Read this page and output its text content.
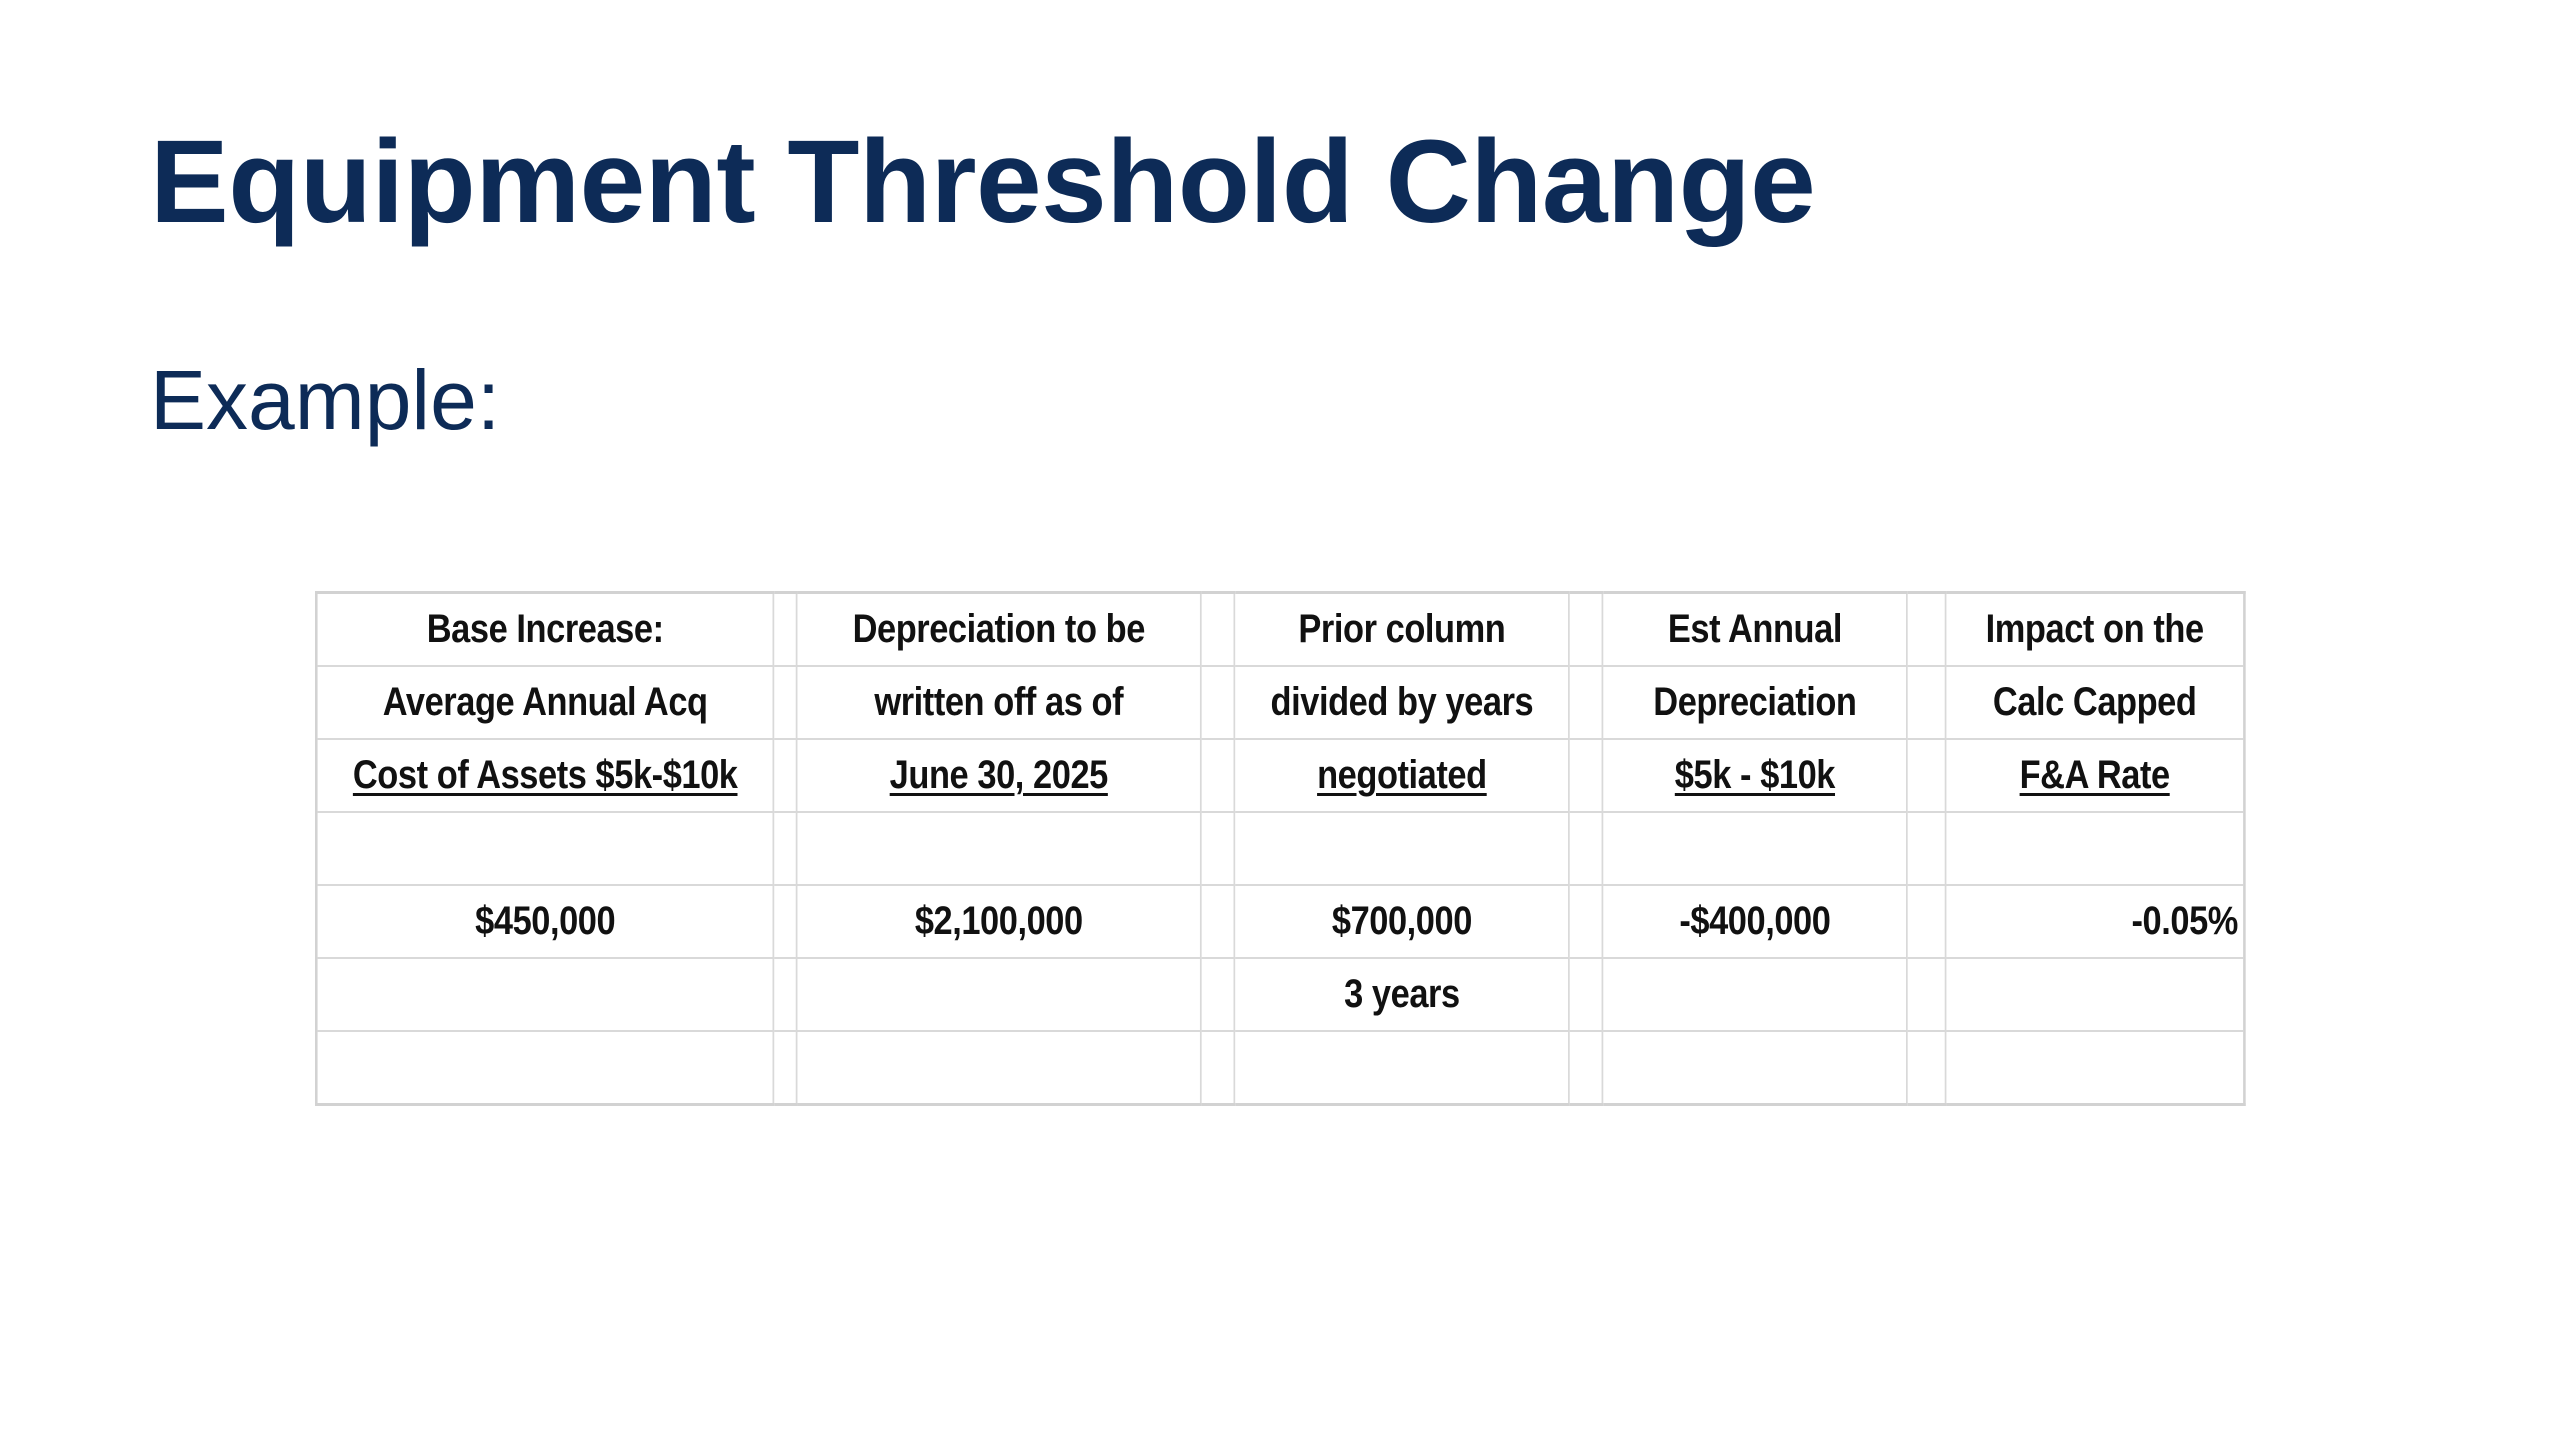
Equipment Threshold Change
Example:
Base Increase:		Depreciation to be		Prior column		Est Annual		Impact on the
Average Annual Acq		written off as of		divided by years		Depreciation		Calc Capped
Cost of Assets $5k-$10k		June 30, 2025		negotiated		$5k - $10k		F&A Rate

$450,000		$2,100,000		$700,000		-$400,000		-0.05%
				3 years				
